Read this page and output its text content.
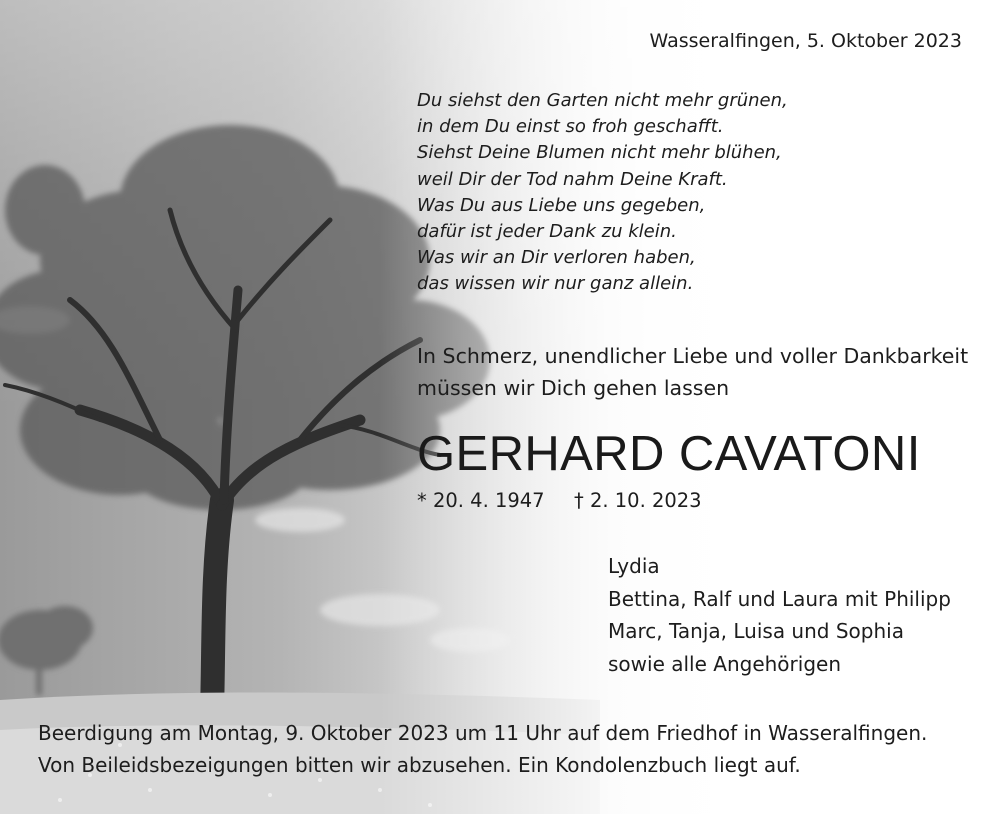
Wasseralfingen, 5. Oktober 2023
Du siehst den Garten nicht mehr grünen,
in dem Du einst so froh geschafft.
Siehst Deine Blumen nicht mehr blühen,
weil Dir der Tod nahm Deine Kraft.
Was Du aus Liebe uns gegeben,
dafür ist jeder Dank zu klein.
Was wir an Dir verloren haben,
das wissen wir nur ganz allein.
In Schmerz, unendlicher Liebe und voller Dankbarkeit
müssen wir Dich gehen lassen
GERHARD CAVATONI
* 20. 4. 1947 † 2. 10. 2023
Lydia
Bettina, Ralf und Laura mit Philipp
Marc, Tanja, Luisa und Sophia
sowie alle Angehörigen
Beerdigung am Montag, 9. Oktober 2023 um 11 Uhr auf dem Friedhof in Wasseralfingen.
Von Beileidsbezeigungen bitten wir abzusehen. Ein Kondolenzbuch liegt auf.
